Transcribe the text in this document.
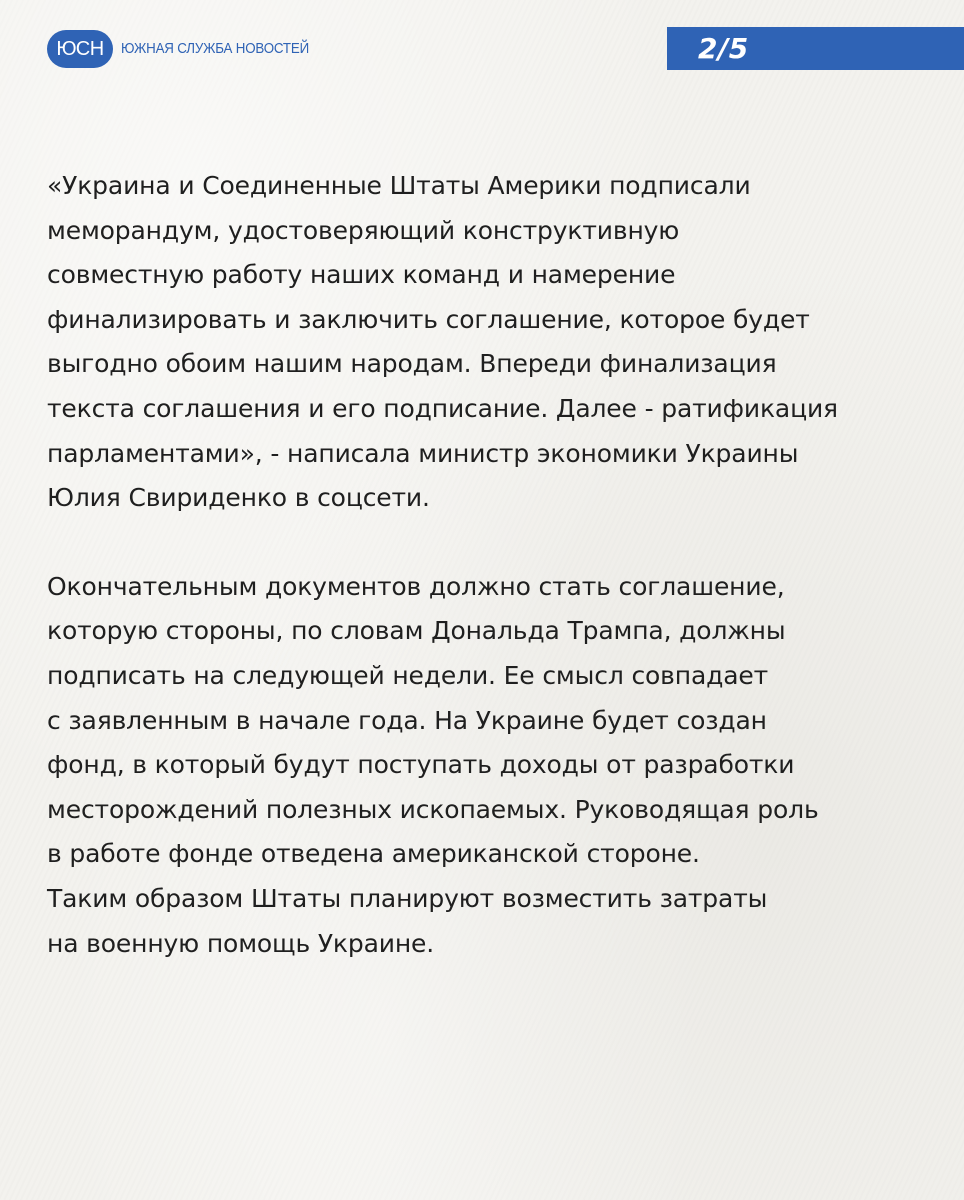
ЮСН	ЮЖНАЯ СЛУЖБА НОВОСТЕЙ	2/5

«Украина и Соединенные Штаты Америки подписали
меморандум, удостоверяющий конструктивную
совместную работу наших команд и намерение
финализировать и заключить соглашение, которое будет
выгодно обоим нашим народам. Впереди финализация
текста соглашения и его подписание. Далее - ратификация
парламентами», - написала министр экономики Украины
Юлия Свириденко в соцсети.

Окончательным документов должно стать соглашение,
которую стороны, по словам Дональда Трампа, должны
подписать на следующей недели. Ее смысл совпадает
с заявленным в начале года. На Украине будет создан
фонд, в который будут поступать доходы от разработки
месторождений полезных ископаемых. Руководящая роль
в работе фонде отведена американской стороне.
Таким образом Штаты планируют возместить затраты
на военную помощь Украине.
